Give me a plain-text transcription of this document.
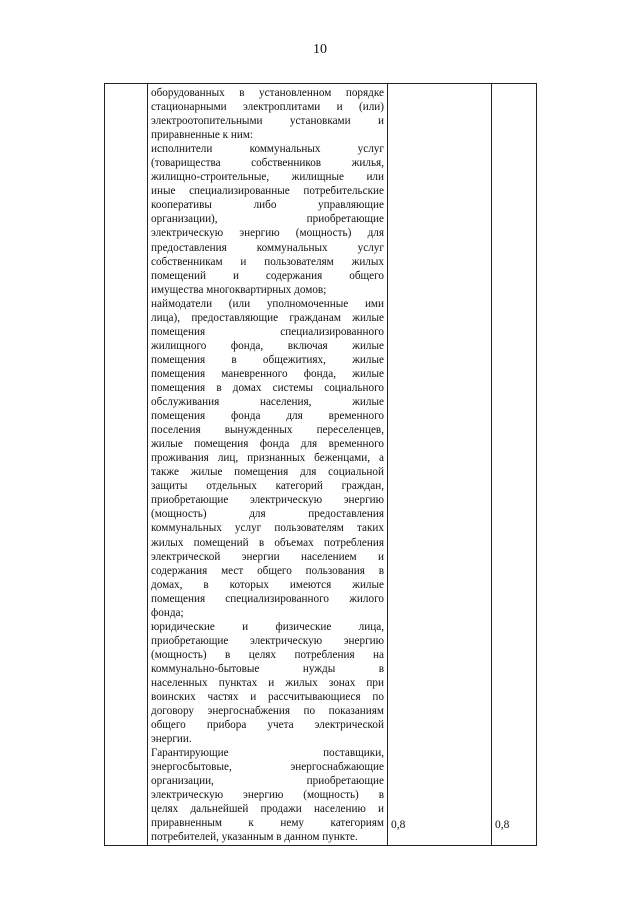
10

оборудованных в установленном порядке
стационарными электроплитами и (или)
электроотопительными установками и
приравненные к ним:
исполнители коммунальных услуг
(товарищества собственников жилья,
жилищно-строительные, жилищные или
иные специализированные потребительские
кооперативы либо управляющие
организации), приобретающие
электрическую энергию (мощность) для
предоставления коммунальных услуг
собственникам и пользователям жилых
помещений и содержания общего
имущества многоквартирных домов;
наймодатели (или уполномоченные ими
лица), предоставляющие гражданам жилые
помещения специализированного
жилищного фонда, включая жилые
помещения в общежитиях, жилые
помещения маневренного фонда, жилые
помещения в домах системы социального
обслуживания населения, жилые
помещения фонда для временного
поселения вынужденных переселенцев,
жилые помещения фонда для временного
проживания лиц, признанных беженцами, а
также жилые помещения для социальной
защиты отдельных категорий граждан,
приобретающие электрическую энергию
(мощность) для предоставления
коммунальных услуг пользователям таких
жилых помещений в объемах потребления
электрической энергии населением и
содержания мест общего пользования в
домах, в которых имеются жилые
помещения специализированного жилого
фонда;
юридические и физические лица,
приобретающие электрическую энергию
(мощность) в целях потребления на
коммунально-бытовые нужды в
населенных пунктах и жилых зонах при
воинских частях и рассчитывающиеся по
договору энергоснабжения по показаниям
общего прибора учета электрической
энергии.
Гарантирующие поставщики,
энергосбытовые, энергоснабжающие
организации, приобретающие
электрическую энергию (мощность) в
целях дальнейшей продажи населению и
приравненным к нему категориям
потребителей, указанным в данном пункте.

0,8	0,8
